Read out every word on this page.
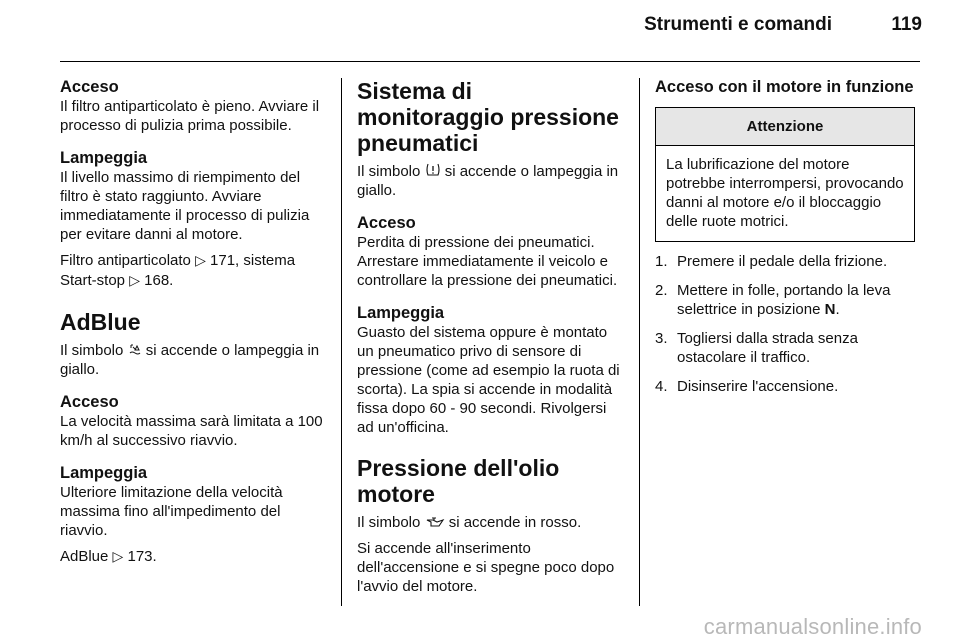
Strumenti e comandi	119

Acceso

Il filtro antiparticolato è pieno. Avviare il processo di pulizia prima possibile.

Lampeggia

Il livello massimo di riempimento del filtro è stato raggiunto. Avviare immediatamente il processo di pulizia per evitare danni al motore.

Filtro antiparticolato ▷ 171, sistema
Start-stop ▷ 168.

AdBlue

Il simbolo si accende o lampeggia in giallo.

Acceso

La velocità massima sarà limitata a 100 km/h al successivo riavvio.

Lampeggia

Ulteriore limitazione della velocità massima fino all'impedimento del riavvio.

AdBlue ▷ 173.

Sistema di monitoraggio pressione pneumatici

Il simbolo si accende o lampeggia in giallo.

Acceso

Perdita di pressione dei pneumatici. Arrestare immediatamente il veicolo e controllare la pressione dei pneumatici.

Lampeggia

Guasto del sistema oppure è montato un pneumatico privo di sensore di pressione (come ad esempio la ruota di scorta). La spia si accende in modalità fissa dopo 60 - 90 secondi. Rivolgersi ad un'officina.

Pressione dell'olio motore

Il simbolo si accende in rosso.

Si accende all'inserimento dell'accensione e si spegne poco dopo l'avvio del motore.

Acceso con il motore in funzione

Attenzione
La lubrificazione del motore potrebbe interrompersi, provocando danni al motore e/o il bloccaggio delle ruote motrici.
1. Premere il pedale della frizione.
2. Mettere in folle, portando la leva selettrice in posizione N.
3. Togliersi dalla strada senza ostacolare il traffico.
4. Disinserire l'accensione.
carmanualsonline.info
